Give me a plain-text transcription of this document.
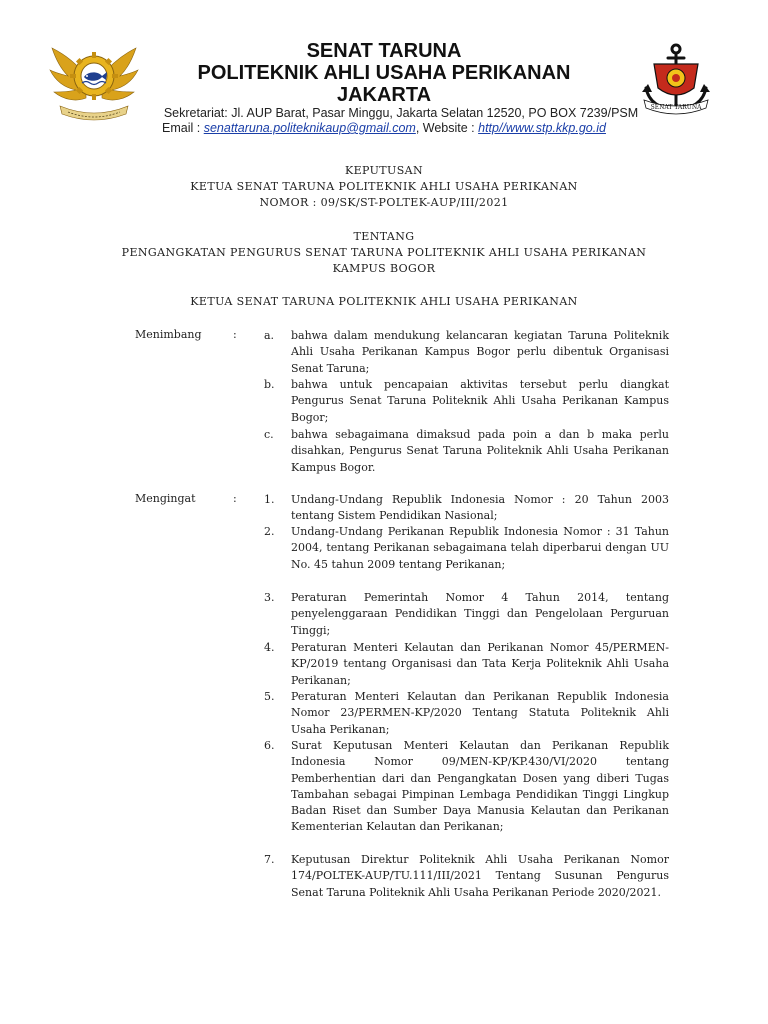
SENAT TARUNA
POLITEKNIK AHLI USAHA PERIKANAN
JAKARTA
Sekretariat: Jl. AUP Barat, Pasar Minggu, Jakarta Selatan 12520, PO BOX 7239/PSM
Email : senattaruna.politeknikaup@gmail.com, Website : http//www.stp.kkp.go.id
SENAT TARUNA
KEPUTUSAN
KETUA SENAT TARUNA POLITEKNIK AHLI USAHA PERIKANAN
NOMOR : 09/SK/ST-POLTEK-AUP/III/2021
TENTANG
PENGANGKATAN PENGURUS SENAT TARUNA POLITEKNIK AHLI USAHA PERIKANAN
KAMPUS BOGOR
KETUA SENAT TARUNA POLITEKNIK AHLI USAHA PERIKANAN
Menimbang	: a.	bahwa dalam mendukung kelancaran kegiatan Taruna Politeknik Ahli Usaha Perikanan Kampus Bogor perlu dibentuk Organisasi Senat Taruna;
b.	bahwa untuk pencapaian aktivitas tersebut perlu diangkat Pengurus Senat Taruna Politeknik Ahli Usaha Perikanan Kampus Bogor;
c.	bahwa sebagaimana dimaksud pada poin a dan b maka perlu disahkan, Pengurus Senat Taruna Politeknik Ahli Usaha Perikanan Kampus Bogor.
Mengingat	: 1.	Undang-Undang Republik Indonesia Nomor : 20 Tahun 2003 tentang Sistem Pendidikan Nasional;
2.	Undang-Undang Perikanan Republik Indonesia Nomor : 31 Tahun 2004, tentang Perikanan sebagaimana telah diperbarui dengan UU No. 45 tahun 2009 tentang Perikanan;
3.	Peraturan Pemerintah Nomor 4 Tahun 2014, tentang penyelenggaraan Pendidikan Tinggi dan Pengelolaan Perguruan Tinggi;
4.	Peraturan Menteri Kelautan dan Perikanan Nomor 45/PERMEN-KP/2019 tentang Organisasi dan Tata Kerja Politeknik Ahli Usaha Perikanan;
5.	Peraturan Menteri Kelautan dan Perikanan Republik Indonesia Nomor 23/PERMEN-KP/2020 Tentang Statuta Politeknik Ahli Usaha Perikanan;
6.	Surat Keputusan Menteri Kelautan dan Perikanan Republik Indonesia Nomor 09/MEN-KP/KP.430/VI/2020 tentang Pemberhentian dari dan Pengangkatan Dosen yang diberi Tugas Tambahan sebagai Pimpinan Lembaga Pendidikan Tinggi Lingkup Badan Riset dan Sumber Daya Manusia Kelautan dan Perikanan Kementerian Kelautan dan Perikanan;
7.	Keputusan Direktur Politeknik Ahli Usaha Perikanan Nomor 174/POLTEK-AUP/TU.111/III/2021 Tentang Susunan Pengurus Senat Taruna Politeknik Ahli Usaha Perikanan Periode 2020/2021.
